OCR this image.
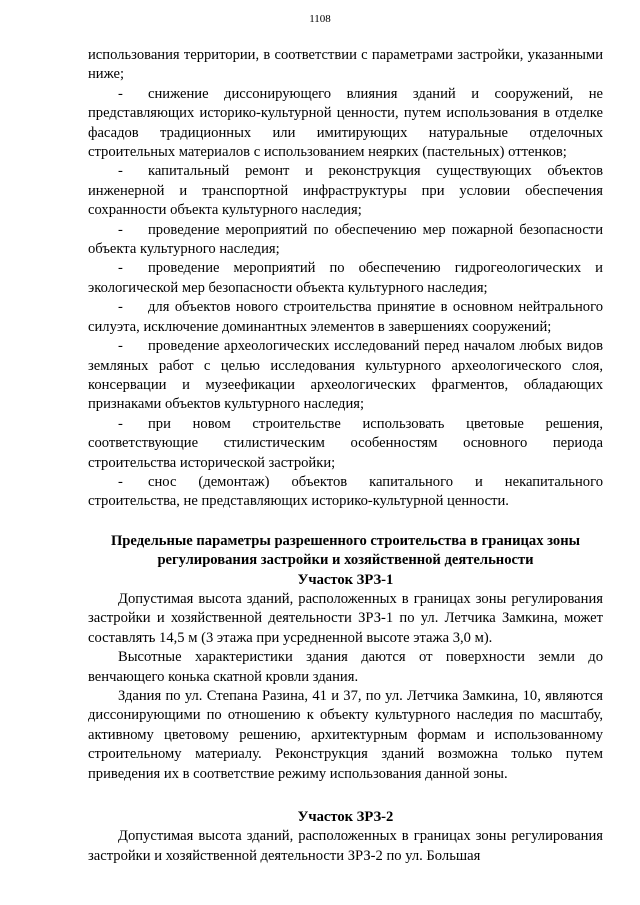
1108

использования территории, в соответствии с параметрами застройки, указанными ниже;

- снижение диссонирующего влияния зданий и сооружений, не представляющих историко-культурной ценности, путем использования в отделке фасадов традиционных или имитирующих натуральные отделочных строительных материалов с использованием неярких (пастельных) оттенков;

- капитальный ремонт и реконструкция существующих объектов инженерной и транспортной инфраструктуры при условии обеспечения сохранности объекта культурного наследия;

- проведение мероприятий по обеспечению мер пожарной безопасности объекта культурного наследия;

- проведение мероприятий по обеспечению гидрогеологических и экологической мер безопасности объекта культурного наследия;

- для объектов нового строительства принятие в основном нейтрального силуэта, исключение доминантных элементов в завершениях сооружений;

- проведение археологических исследований перед началом любых видов земляных работ с целью исследования культурного археологического слоя, консервации и музеефикации археологических фрагментов, обладающих признаками объектов культурного наследия;

- при новом строительстве использовать цветовые решения, соответствующие стилистическим особенностям основного периода строительства исторической застройки;

- снос (демонтаж) объектов капитального и некапитального строительства, не представляющих историко-культурной ценности.

Предельные параметры разрешенного строительства в границах зоны регулирования застройки и хозяйственной деятельности

Участок ЗРЗ-1

Допустимая высота зданий, расположенных в границах зоны регулирования застройки и хозяйственной деятельности ЗРЗ-1 по ул. Летчика Замкина, может составлять 14,5 м (3 этажа при усредненной высоте этажа 3,0 м).

Высотные характеристики здания даются от поверхности земли до венчающего конька скатной кровли здания.

Здания по ул. Степана Разина, 41 и 37, по ул. Летчика Замкина, 10, являются диссонирующими по отношению к объекту культурного наследия по масштабу, активному цветовому решению, архитектурным формам и использованному строительному материалу. Реконструкция зданий возможна только путем приведения их в соответствие режиму использования данной зоны.

Участок ЗРЗ-2

Допустимая высота зданий, расположенных в границах зоны регулирования застройки и хозяйственной деятельности ЗРЗ-2 по ул. Большая
